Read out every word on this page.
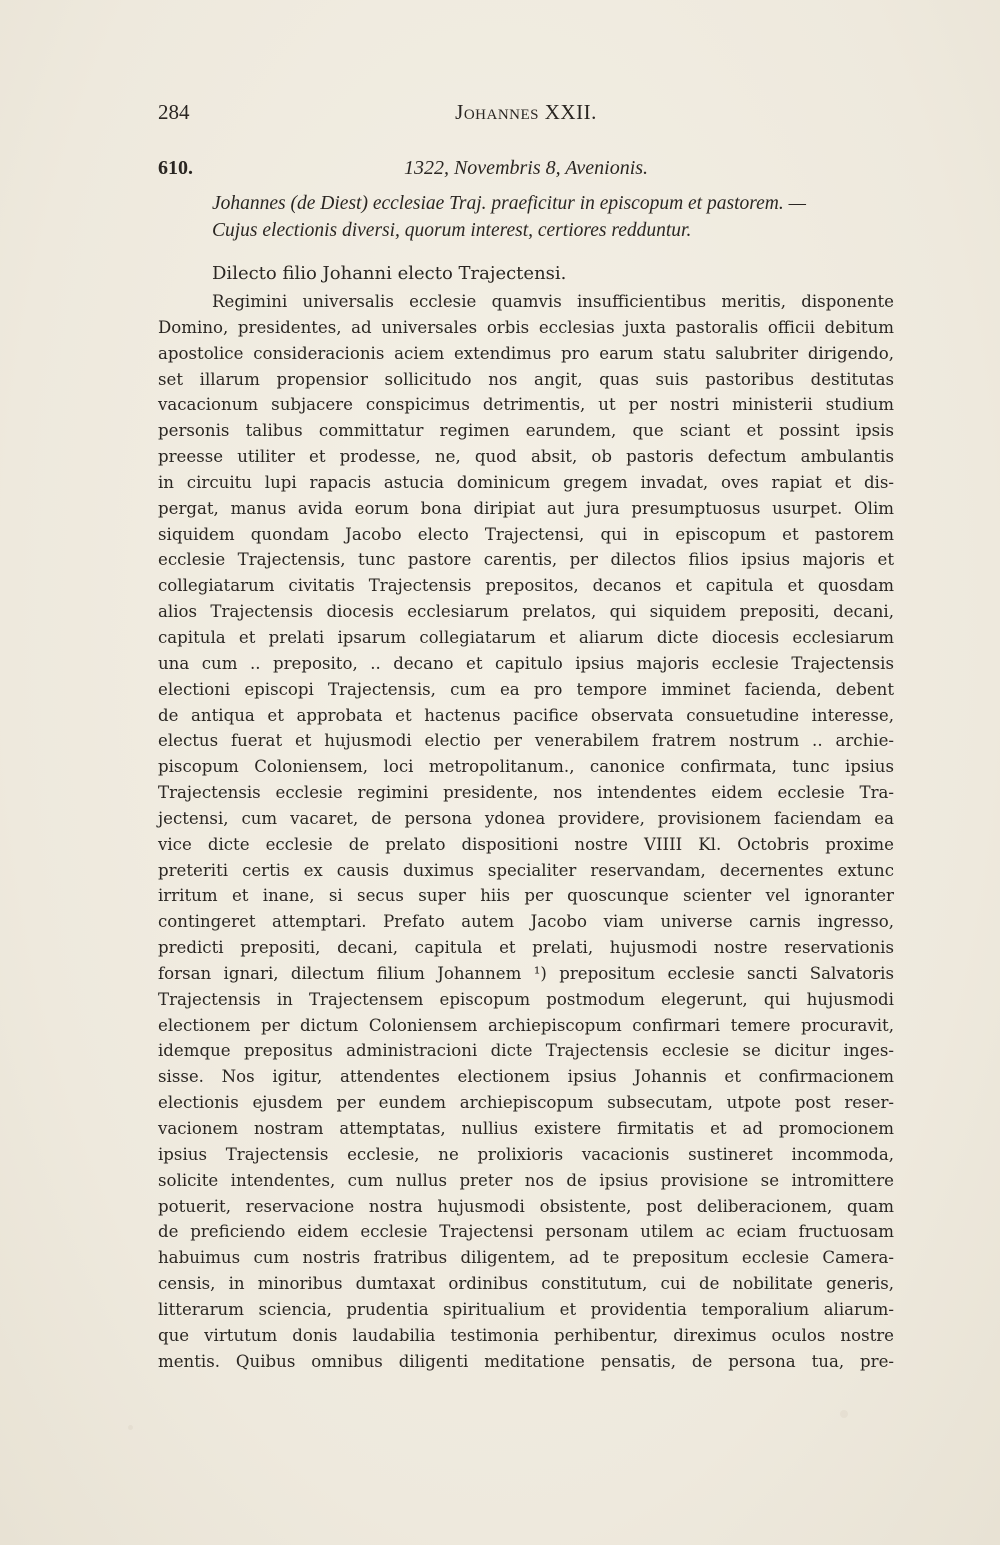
284	Johannes XXII.
610.	1322, Novembris 8, Avenionis.

Johannes (de Diest) ecclesiae Traj. praeficitur in episcopum et pastorem. —

Cujus electionis diversi, quorum interest, certiores redduntur.

Dilecto filio Johanni electo Trajectensi.
Regimini universalis ecclesie quamvis insufficientibus meritis, disponente
Domino, presidentes, ad universales orbis ecclesias juxta pastoralis officii debitum
apostolice consideracionis aciem extendimus pro earum statu salubriter dirigendo,
set illarum propensior sollicitudo nos angit, quas suis pastoribus destitutas
vacacionum subjacere conspicimus detrimentis, ut per nostri ministerii studium
personis talibus committatur regimen earundem, que sciant et possint ipsis
preesse utiliter et prodesse, ne, quod absit, ob pastoris defectum ambulantis
in circuitu lupi rapacis astucia dominicum gregem invadat, oves rapiat et dis-
pergat, manus avida eorum bona diripiat aut jura presumptuosus usurpet. Olim
siquidem quondam Jacobo electo Trajectensi, qui in episcopum et pastorem
ecclesie Trajectensis, tunc pastore carentis, per dilectos filios ipsius majoris et
collegiatarum civitatis Trajectensis prepositos, decanos et capitula et quosdam
alios Trajectensis diocesis ecclesiarum prelatos, qui siquidem prepositi, decani,
capitula et prelati ipsarum collegiatarum et aliarum dicte diocesis ecclesiarum
una cum .. preposito, .. decano et capitulo ipsius majoris ecclesie Trajectensis
electioni episcopi Trajectensis, cum ea pro tempore imminet facienda, debent
de antiqua et approbata et hactenus pacifice observata consuetudine interesse,
electus fuerat et hujusmodi electio per venerabilem fratrem nostrum .. archie-
piscopum Coloniensem, loci metropolitanum., canonice confirmata, tunc ipsius
Trajectensis ecclesie regimini presidente, nos intendentes eidem ecclesie Tra-
jectensi, cum vacaret, de persona ydonea providere, provisionem faciendam ea
vice dicte ecclesie de prelato dispositioni nostre VIIII Kl. Octobris proxime
preteriti certis ex causis duximus specialiter reservandam, decernentes extunc
irritum et inane, si secus super hiis per quoscunque scienter vel ignoranter
contingeret attemptari. Prefato autem Jacobo viam universe carnis ingresso,
predicti prepositi, decani, capitula et prelati, hujusmodi nostre reservationis
forsan ignari, dilectum filium Johannem ¹) prepositum ecclesie sancti Salvatoris
Trajectensis in Trajectensem episcopum postmodum elegerunt, qui hujusmodi
electionem per dictum Coloniensem archiepiscopum confirmari temere procuravit,
idemque prepositus administracioni dicte Trajectensis ecclesie se dicitur inges-
sisse. Nos igitur, attendentes electionem ipsius Johannis et confirmacionem
electionis ejusdem per eundem archiepiscopum subsecutam, utpote post reser-
vacionem nostram attemptatas, nullius existere firmitatis et ad promocionem
ipsius Trajectensis ecclesie, ne prolixioris vacacionis sustineret incommoda,
solicite intendentes, cum nullus preter nos de ipsius provisione se intromittere
potuerit, reservacione nostra hujusmodi obsistente, post deliberacionem, quam
de preficiendo eidem ecclesie Trajectensi personam utilem ac eciam fructuosam
habuimus cum nostris fratribus diligentem, ad te prepositum ecclesie Camera-
censis, in minoribus dumtaxat ordinibus constitutum, cui de nobilitate generis,
litterarum sciencia, prudentia spiritualium et providentia temporalium aliarum-
que virtutum donis laudabilia testimonia perhibentur, direximus oculos nostre
mentis. Quibus omnibus diligenti meditatione pensatis, de persona tua, pre-
